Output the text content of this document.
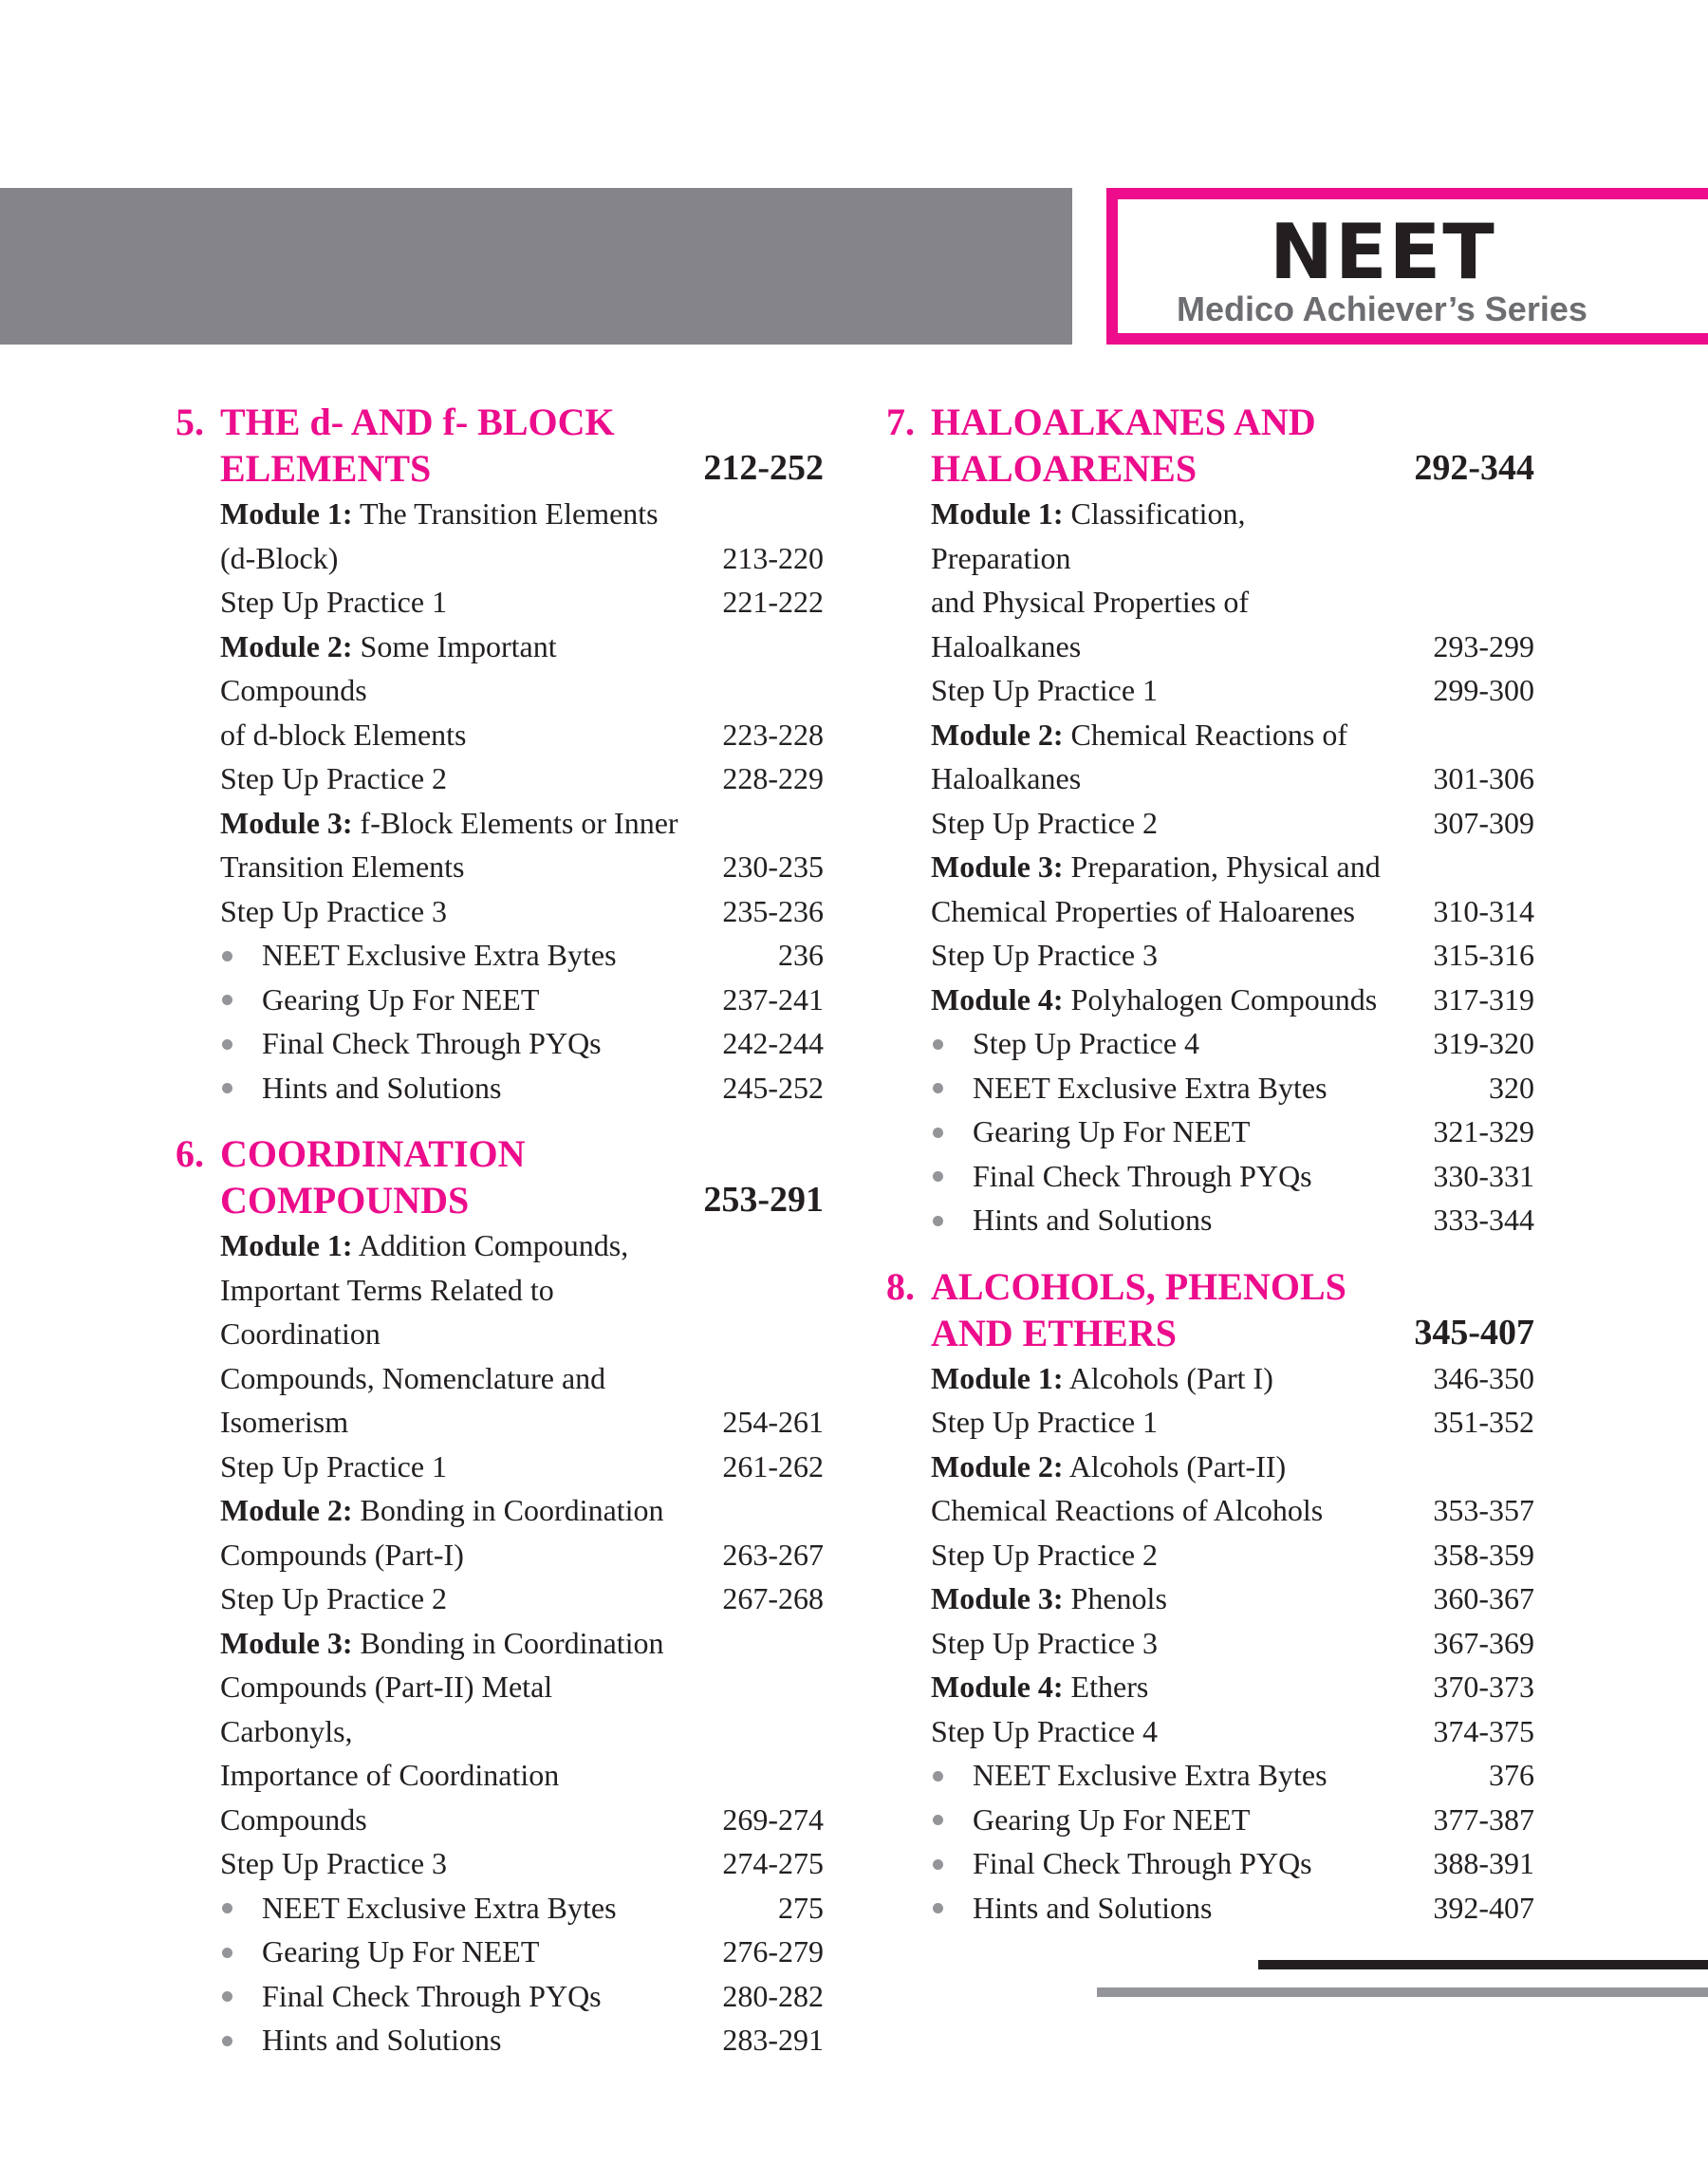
NEET
Medico Achiever’s Series
5. THE d- AND f- BLOCK
ELEMENTS	212-252
Module 1: The Transition Elements
(d-Block)	213-220
Step Up Practice 1	221-222
Module 2: Some Important Compounds
of d-block Elements	223-228
Step Up Practice 2	228-229
Module 3: f-Block Elements or Inner
Transition Elements	230-235
Step Up Practice 3	235-236
NEET Exclusive Extra Bytes	236
Gearing Up For NEET	237-241
Final Check Through PYQs	242-244
Hints and Solutions	245-252
6. COORDINATION
COMPOUNDS	253-291
Module 1: Addition Compounds,
Important Terms Related to Coordination
Compounds, Nomenclature and
Isomerism	254-261
Step Up Practice 1	261-262
Module 2: Bonding in Coordination
Compounds (Part-I)	263-267
Step Up Practice 2	267-268
Module 3: Bonding in Coordination
Compounds (Part-II) Metal Carbonyls,
Importance of Coordination
Compounds	269-274
Step Up Practice 3	274-275
NEET Exclusive Extra Bytes	275
Gearing Up For NEET	276-279
Final Check Through PYQs	280-282
Hints and Solutions	283-291
7. HALOALKANES AND
HALOARENES	292-344
Module 1: Classification, Preparation
and Physical Properties of Haloalkanes	293-299
Step Up Practice 1	299-300
Module 2: Chemical Reactions of
Haloalkanes	301-306
Step Up Practice 2	307-309
Module 3: Preparation, Physical and
Chemical Properties of Haloarenes	310-314
Step Up Practice 3	315-316
Module 4: Polyhalogen Compounds	317-319
Step Up Practice 4	319-320
NEET Exclusive Extra Bytes	320
Gearing Up For NEET	321-329
Final Check Through PYQs	330-331
Hints and Solutions	333-344
8. ALCOHOLS, PHENOLS
AND ETHERS	345-407
Module 1: Alcohols (Part I)	346-350
Step Up Practice 1	351-352
Module 2: Alcohols (Part-II)
Chemical Reactions of Alcohols	353-357
Step Up Practice 2	358-359
Module 3: Phenols	360-367
Step Up Practice 3	367-369
Module 4: Ethers	370-373
Step Up Practice 4	374-375
NEET Exclusive Extra Bytes	376
Gearing Up For NEET	377-387
Final Check Through PYQs	388-391
Hints and Solutions	392-407
